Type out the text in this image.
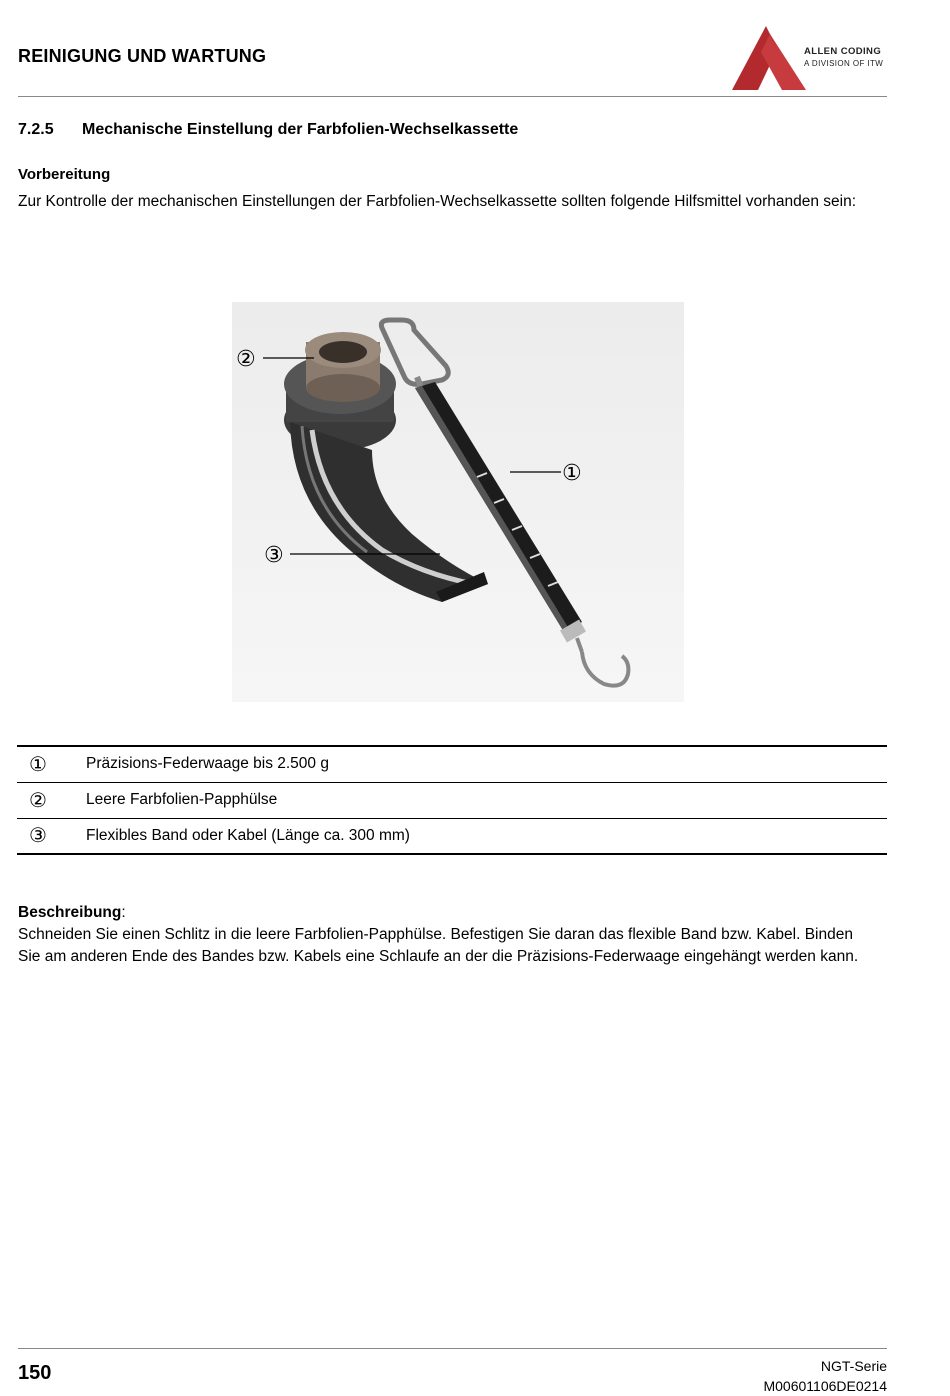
REINIGUNG UND WARTUNG	ALLEN CODING
A DIVISION OF ITW
7.2.5 Mechanische Einstellung der Farbfolien-Wechselkassette
Vorbereitung
Zur Kontrolle der mechanischen Einstellungen der Farbfolien-Wechselkassette sollten folgende Hilfsmittel vorhanden sein:
②
①
③
①	Präzisions-Federwaage bis 2.500 g
②	Leere Farbfolien-Papphülse
③	Flexibles Band oder Kabel (Länge ca. 300 mm)
Beschreibung:
Schneiden Sie einen Schlitz in die leere Farbfolien-Papphülse. Befestigen Sie daran das flexible Band bzw. Kabel. Binden
Sie am anderen Ende des Bandes bzw. Kabels eine Schlaufe an der die Präzisions-Federwaage eingehängt werden kann.
150	NGT-Serie
M00601106DE0214
